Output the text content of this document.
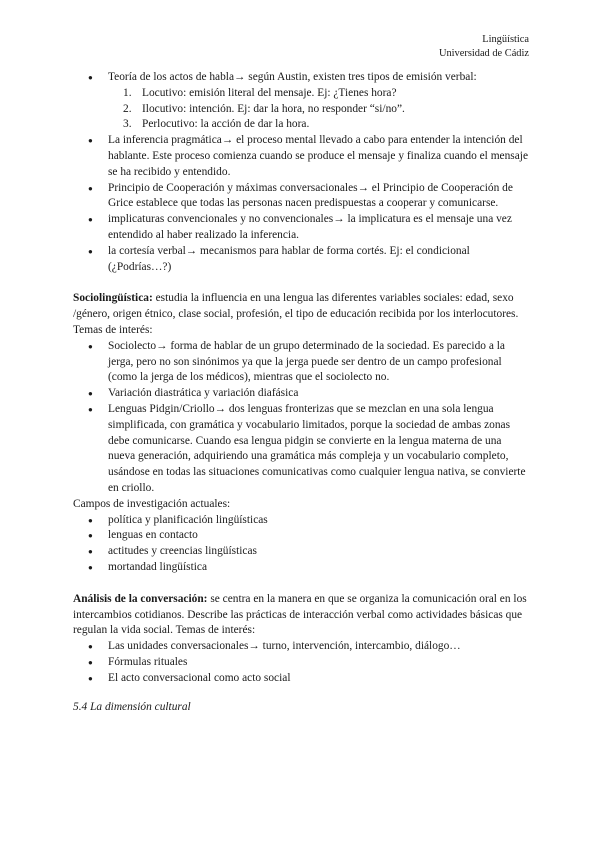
Lingüística
Universidad de Cádiz
● Teoría de los actos de habla→ según Austin, existen tres tipos de emisión verbal:
1. Locutivo: emisión literal del mensaje. Ej: ¿Tienes hora?
2. Ilocutivo: intención. Ej: dar la hora, no responder “si/no”.
3. Perlocutivo: la acción de dar la hora.
● La inferencia pragmática→ el proceso mental llevado a cabo para entender la intención del hablante. Este proceso comienza cuando se produce el mensaje y finaliza cuando el mensaje se ha recibido y entendido.
● Principio de Cooperación y máximas conversacionales→ el Principio de Cooperación de Grice establece que todas las personas nacen predispuestas a cooperar y comunicarse.
● implicaturas convencionales y no convencionales→ la implicatura es el mensaje una vez entendido al haber realizado la inferencia.
● la cortesía verbal→ mecanismos para hablar de forma cortés. Ej: el condicional (¿Podrías…?)

Sociolingüística: estudia la influencia en una lengua las diferentes variables sociales: edad, sexo /género, origen étnico, clase social, profesión, el tipo de educación recibida por los interlocutores. Temas de interés:

● Sociolecto→ forma de hablar de un grupo determinado de la sociedad. Es parecido a la jerga, pero no son sinónimos ya que la jerga puede ser dentro de un campo profesional (como la jerga de los médicos), mientras que el sociolecto no.
● Variación diastrática y variación diafásica
● Lenguas Pidgin/Criollo→ dos lenguas fronterizas que se mezclan en una sola lengua simplificada, con gramática y vocabulario limitados, porque la sociedad de ambas zonas debe comunicarse. Cuando esa lengua pidgin se convierte en la lengua materna de una nueva generación, adquiriendo una gramática más compleja y un vocabulario completo, usándose en todas las situaciones comunicativas como cualquier lengua nativa, se convierte en criollo.

Campos de investigación actuales:

● política y planificación lingüísticas
● lenguas en contacto
● actitudes y creencias lingüísticas
● mortandad lingüística

Análisis de la conversación: se centra en la manera en que se organiza la comunicación oral en los intercambios cotidianos. Describe las prácticas de interacción verbal como actividades básicas que regulan la vida social. Temas de interés:

● Las unidades conversacionales→ turno, intervención, intercambio, diálogo…
● Fórmulas rituales
● El acto conversacional como acto social

5.4 La dimensión cultural
